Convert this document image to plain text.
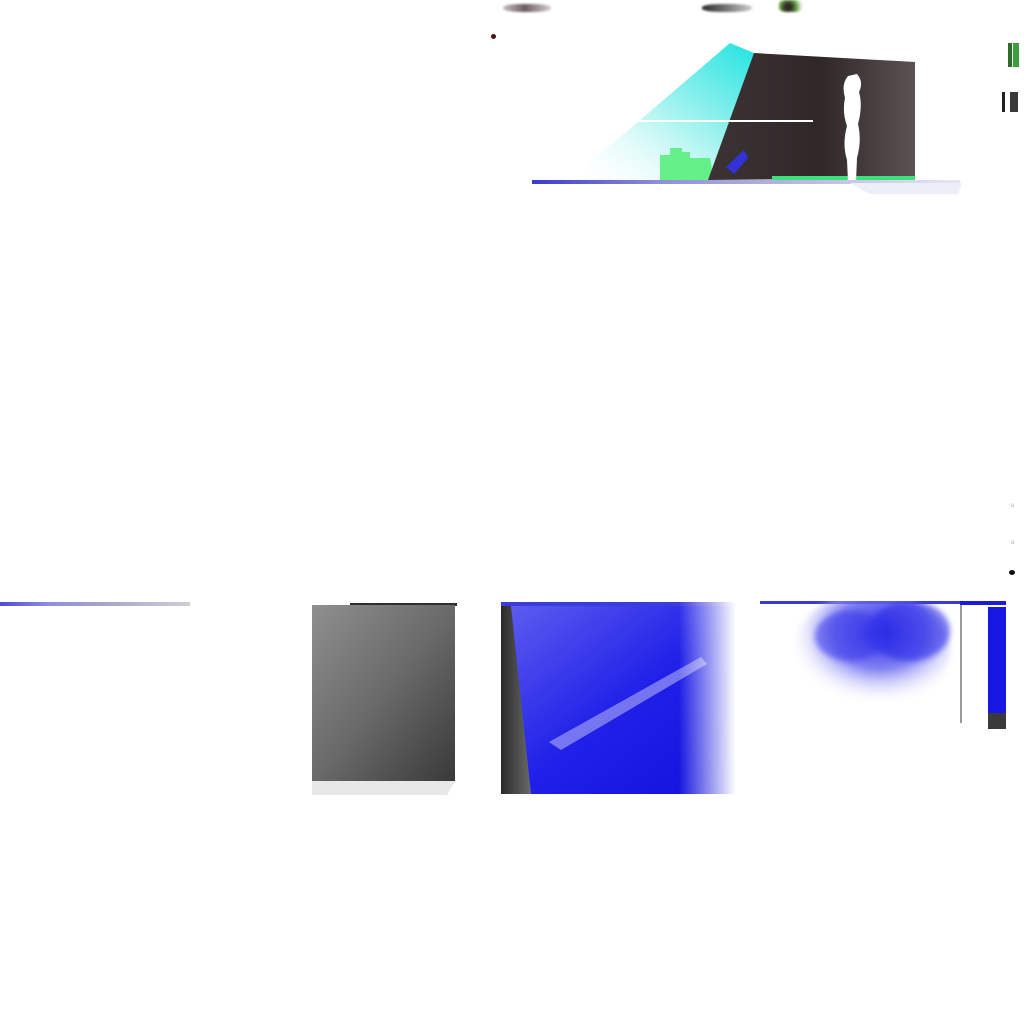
·a
·a
